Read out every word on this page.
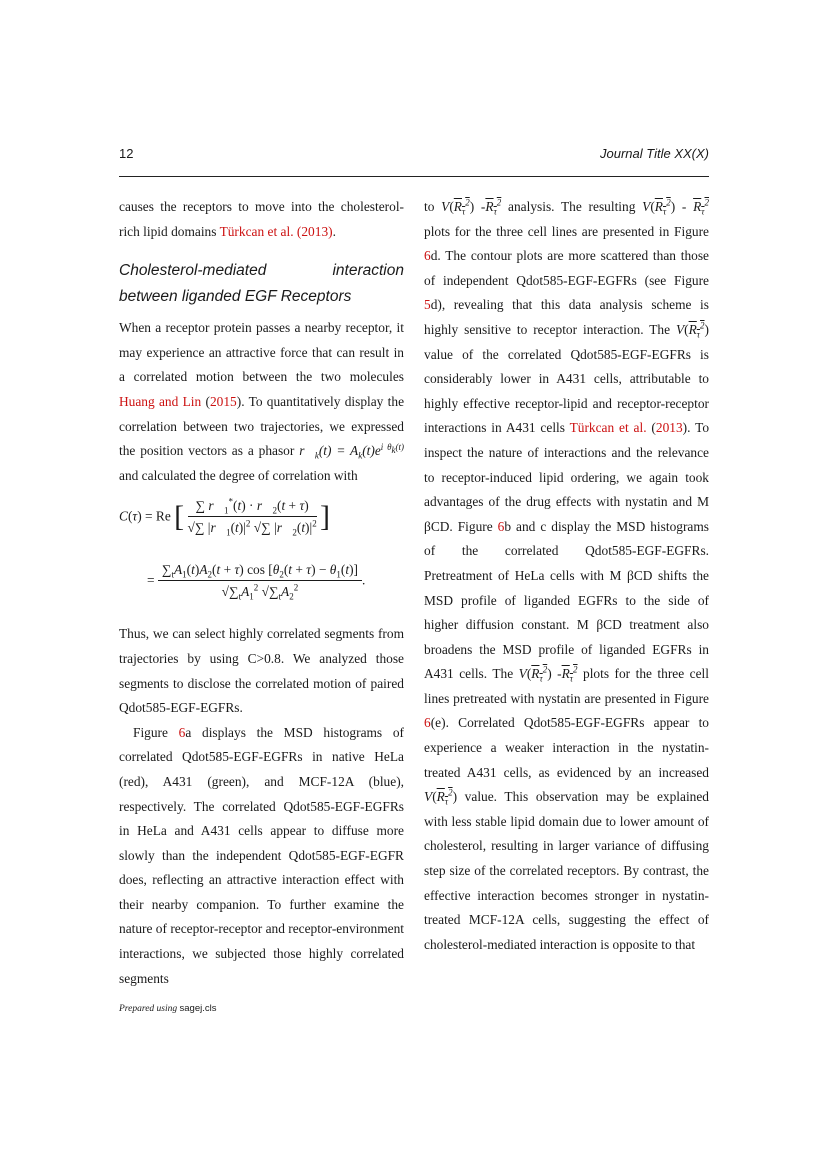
12	Journal Title XX(X)

causes the receptors to move into the cholesterol-rich lipid domains Türkcan et al. (2013).

Cholesterol-mediated interaction between liganded EGF Receptors

When a receptor protein passes a nearby receptor, it may experience an attractive force that can result in a correlated motion between the two molecules Huang and Lin (2015). To quantitatively display the correlation between two trajectories, we expressed the position vectors as a phasor $r⃗_k(t) = A_k(t)e^{i \theta_k(t)}$ and calculated the degree of correlation with

C(τ) = Re [ $\frac{\sum r⃗_1^*(t) \cdot r⃗_2(t + \tau)}{√\sum |r⃗_1(t)|^2 √\sum |r⃗_2(t)|^2}$ ]
= $\frac{\sum_tA_1(t)A_2(t + \tau) \cos [\theta_2(t + \tau) - \theta_1(t)]}{√\sum_tA_1^2 √\sum_tA_2^2}$ .

Thus, we can select highly correlated segments from trajectories by using C>0.8. We analyzed those segments to disclose the correlated motion of paired Qdot585-EGF-EGFRs.

Figure 6a displays the MSD histograms of correlated Qdot585-EGF-EGFRs in native HeLa (red), A431 (green), and MCF-12A (blue), respectively. The correlated Qdot585-EGF-EGFRs in HeLa and A431 cells appear to diffuse more slowly than the independent Qdot585-EGF-EGFR does, reflecting an attractive interaction effect with their nearby companion. To further examine the nature of receptor-receptor and receptor-environment interactions, we subjected those highly correlated segments

to $V(R_\tau^2)$ $-R_\tau^2$ analysis. The resulting $V(R_\tau^2) - R_\tau^2$ plots for the three cell lines are presented in Figure 6d. The contour plots are more scattered than those of independent Qdot585-EGF-EGFRs (see Figure 5d), revealing that this data analysis scheme is highly sensitive to receptor interaction. The $V(R_\tau^2)$ value of the correlated Qdot585-EGF-EGFRs is considerably lower in A431 cells, attributable to highly effective receptor-lipid and receptor-receptor interactions in A431 cells Türkcan et al. (2013). To inspect the nature of interactions and the relevance to receptor-induced lipid ordering, we again took advantages of the drug effects with nystatin and M βCD. Figure 6b and c display the MSD histograms of the correlated Qdot585-EGF-EGFRs. Pretreatment of HeLa cells with M βCD shifts the MSD profile of liganded EGFRs to the side of higher diffusion constant. M βCD treatment also broadens the MSD profile of liganded EGFRs in A431 cells. The $V(R_\tau^2)$ $-R_\tau^2$ plots for the three cell lines pretreated with nystatin are presented in Figure 6(e). Correlated Qdot585-EGF-EGFRs appear to experience a weaker interaction in the nystatin-treated A431 cells, as evidenced by an increased $V(R_\tau^2)$ value. This observation may be explained with less stable lipid domain due to lower amount of cholesterol, resulting in larger variance of diffusing step size of the correlated receptors. By contrast, the effective interaction becomes stronger in nystatin-treated MCF-12A cells, suggesting the effect of cholesterol-mediated interaction is opposite to that

Prepared using sagej.cls
